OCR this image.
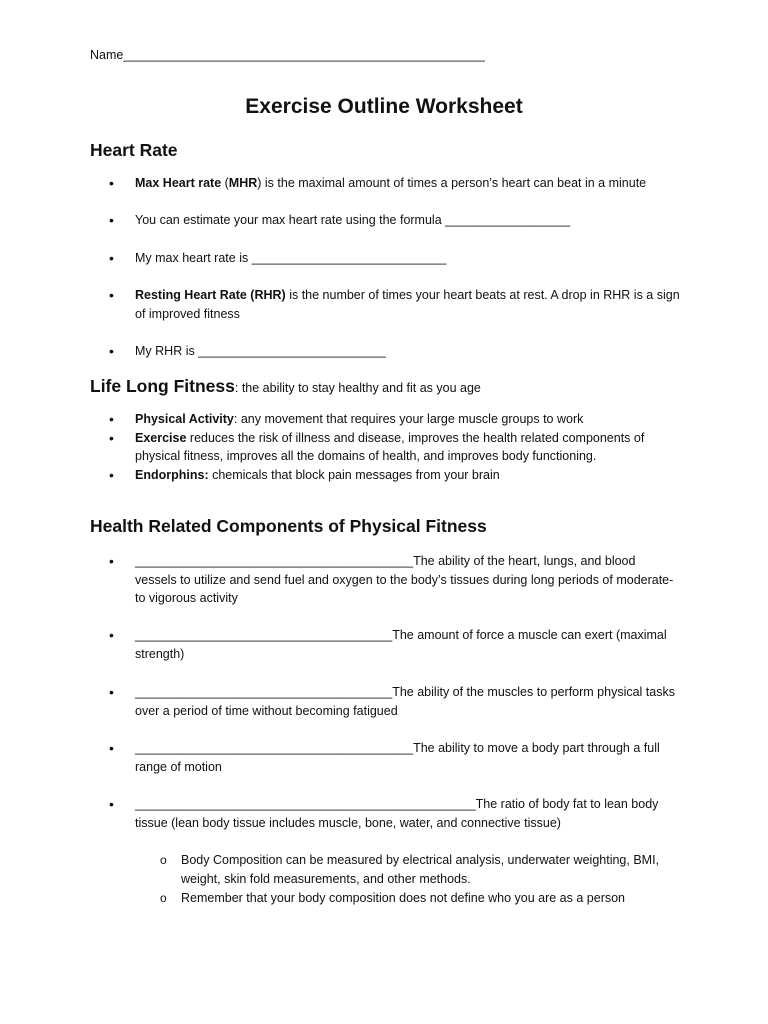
Name____________________________________________________
Exercise Outline Worksheet
Heart Rate
• Max Heart rate (MHR) is the maximal amount of times a person’s heart can beat in a minute
• You can estimate your max heart rate using the formula __________________
• My max heart rate is ____________________________
• Resting Heart Rate (RHR) is the number of times your heart beats at rest. A drop in RHR is a sign of improved fitness
• My RHR is ___________________________
Life Long Fitness: the ability to stay healthy and fit as you age
• Physical Activity: any movement that requires your large muscle groups to work
• Exercise reduces the risk of illness and disease, improves the health related components of physical fitness, improves all the domains of health, and improves body functioning.
• Endorphins: chemicals that block pain messages from your brain
Health Related Components of Physical Fitness
• ________________________________________The ability of the heart, lungs, and blood vessels to utilize and send fuel and oxygen to the body’s tissues during long periods of moderate-to vigorous activity
• _____________________________________The amount of force a muscle can exert (maximal strength)
• _____________________________________The ability of the muscles to perform physical tasks over a period of time without becoming fatigued
• ________________________________________The ability to move a body part through a full range of motion
• _________________________________________________The ratio of body fat to lean body tissue (lean body tissue includes muscle, bone, water, and connective tissue)
o Body Composition can be measured by electrical analysis, underwater weighting, BMI, weight, skin fold measurements, and other methods.
o Remember that your body composition does not define who you are as a person
